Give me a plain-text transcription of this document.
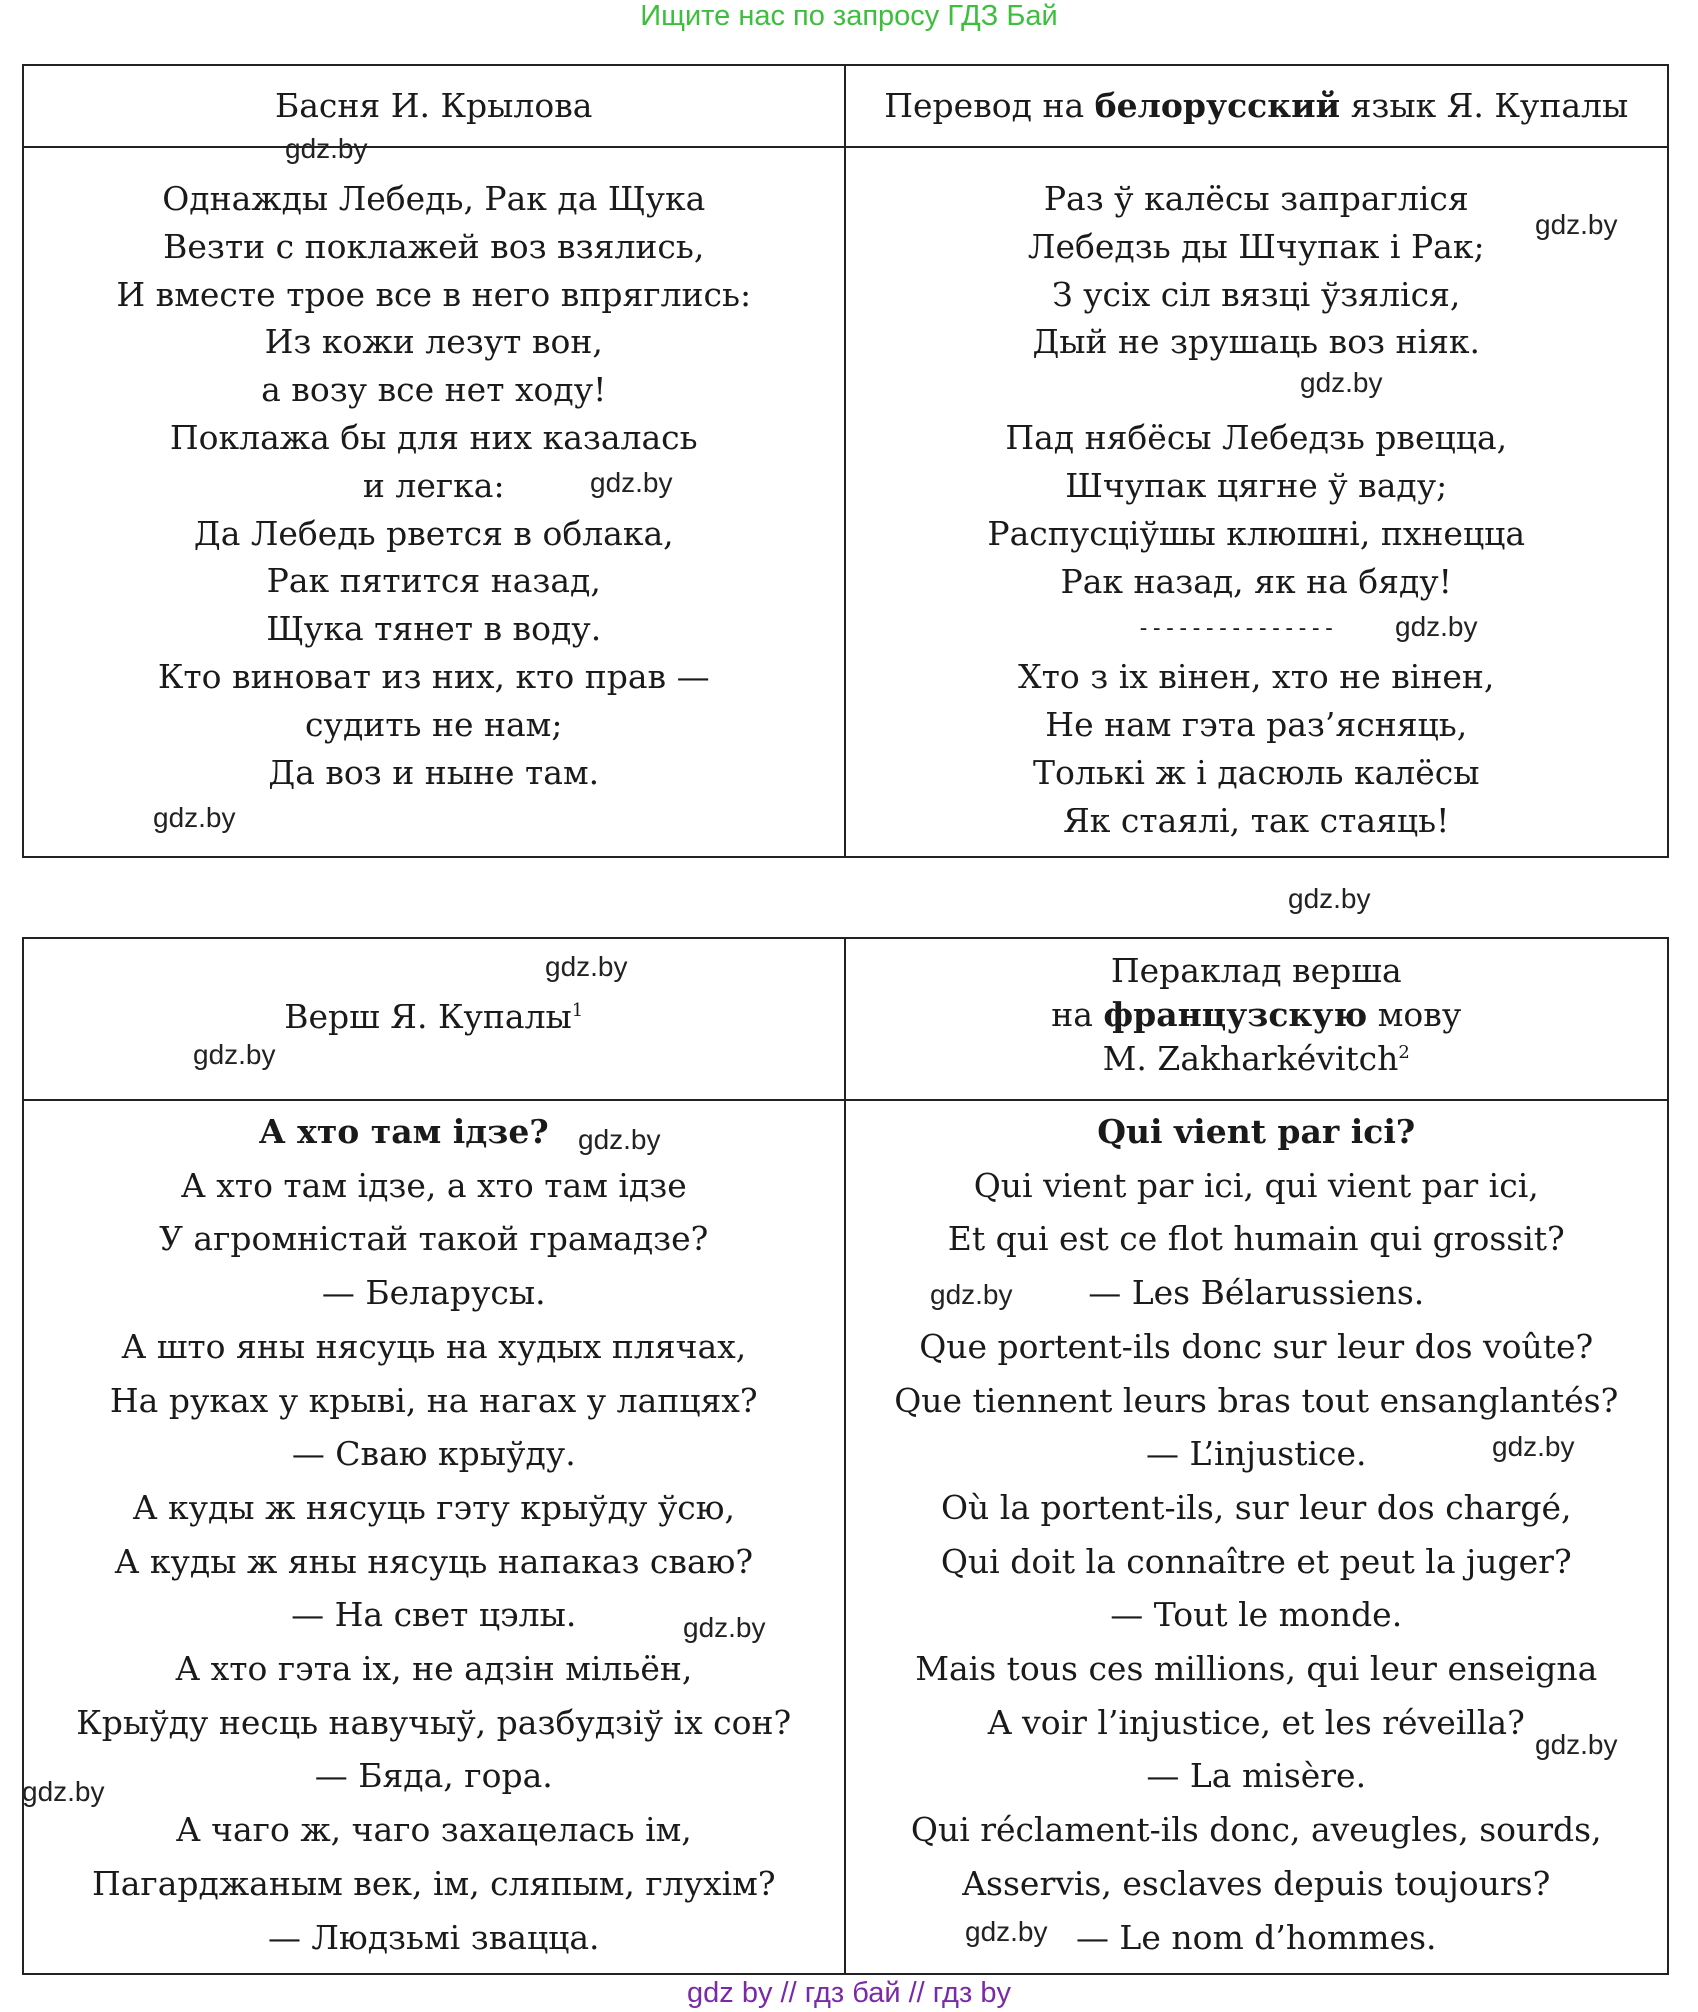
Ищите нас по запросу ГДЗ Бай
Басня И. Крылова	Перевод на белорусский язык Я. Купалы
Однажды Лебедь, Рак да Щука
Везти с поклажей воз взялись,
И вместе трое все в него впряглись:
Из кожи лезут вон,
а возу все нет ходу!
Поклажа бы для них казалась
и легка:
Да Лебедь рвется в облака,
Рак пятится назад,
Щука тянет в воду.
Кто виноват из них, кто прав —
судить не нам;
Да воз и ныне там.
Раз ў калёсы запрагліся
Лебедзь ды Шчупак і Рак;
З усіх сіл вязці ўзяліся,
Дый не зрушаць воз ніяк.
Пад нябёсы Лебедзь рвецца,
Шчупак цягне ў ваду;
Распусціўшы клюшні, пхнецца
Рак назад, як на бяду!
---------------
Хто з іх вінен, хто не вінен,
Не нам гэта раз’ясняць,
Толькі ж і дасюль калёсы
Як стаялі, так стаяць!
Верш Я. Купалы$^1$
Пераклад верша
на французскую мову
M. Zakharkévitch$^2$
А хто там ідзе?
А хто там ідзе, а хто там ідзе
У агромністай такой грамадзе?
— Беларусы.
А што яны нясуць на худых плячах,
На руках у крыві, на нагах у лапцях?
— Сваю крыўду.
А куды ж нясуць гэту крыўду ўсю,
А куды ж яны нясуць напаказ сваю?
— На свет цэлы.
А хто гэта іх, не адзін мільён,
Крыўду несць навучыў, разбудзіў іх сон?
— Бяда, гора.
А чаго ж, чаго захацелась ім,
Пагарджаным век, ім, сляпым, глухім?
— Людзьмі звацца.
Qui vient par ici?
Qui vient par ici, qui vient par ici,
Et qui est ce flot humain qui grossit?
— Les Bélarussiens.
Que portent-ils donc sur leur dos voûte?
Que tiennent leurs bras tout ensanglantés?
— L’injustice.
Où la portent-ils, sur leur dos chargé,
Qui doit la connaître et peut la juger?
— Tout le monde.
Mais tous ces millions, qui leur enseigna
A voir l’injustice, et les réveilla?
— La misère.
Qui réclament-ils donc, aveugles, sourds,
Asservis, esclaves depuis toujours?
— Le nom d’hommes.
gdz.by
gdz.by
gdz.by
gdz.by
gdz.by
gdz.by
gdz.by
gdz.by
gdz.by
gdz.by
gdz.by
gdz.by
gdz.by
gdz.by
gdz.by
gdz.by
gdz by // гдз бай // гдз by
